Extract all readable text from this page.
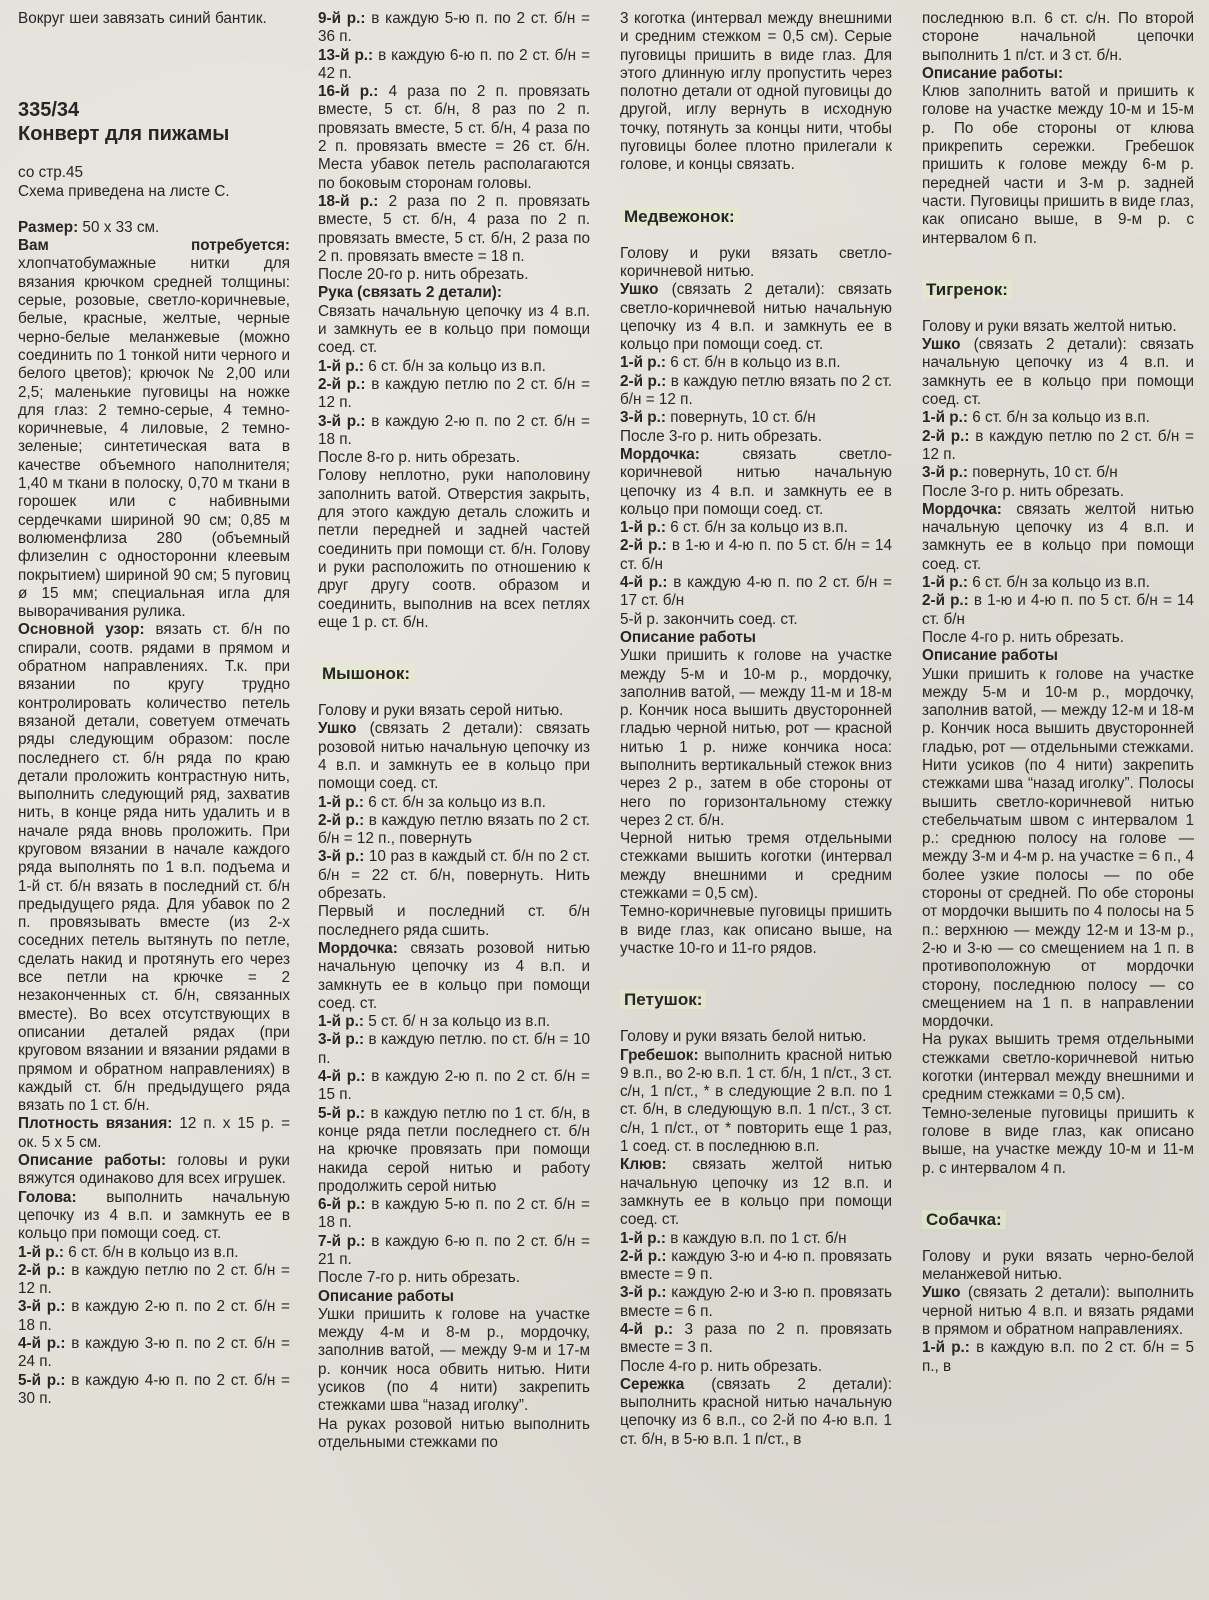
Вокруг шеи завязать синий бантик.

335/34
Конверт для пижамы

со стр.45

Схема приведена на листе С.

Размер: 50 x 33 см.

Вам потребуется: хлопчатобумажные нитки для вязания крючком средней толщины: серые, розовые, светло-коричневые, белые, красные, желтые, черные черно-белые меланжевые (можно соединить по 1 тонкой нити черного и белого цветов); крючок № 2,00 или 2,5; маленькие пуговицы на ножке для глаз: 2 темно-серые, 4 темно-коричневые, 4 лиловые, 2 темно-зеленые; синтетическая вата в качестве объемного наполнителя; 1,40 м ткани в полоску, 0,70 м ткани в горошек или с набивными сердечками шириной 90 см; 0,85 м волюменфлиза 280 (объемный флизелин с односторонни клеевым покрытием) шириной 90 см; 5 пуговиц ø 15 мм; специальная игла для выворачивания рулика.

Основной узор: вязать ст. б/н по спирали, соотв. рядами в прямом и обратном направлениях. Т.к. при вязании по кругу трудно контролировать количество петель вязаной детали, советуем отмечать ряды следующим образом: после последнего ст. б/н ряда по краю детали проложить контрастную нить, выполнить следующий ряд, захватив нить, в конце ряда нить удалить и в начале ряда вновь проложить. При круговом вязании в начале каждого ряда выполнять по 1 в.п. подъема и 1-й ст. б/н вязать в последний ст. б/н предыдущего ряда. Для убавок по 2 п. провязывать вместе (из 2-х соседних петель вытянуть по петле, сделать накид и протянуть его через все петли на крючке = 2 незаконченных ст. б/н, связанных вместе). Во всех отсутствующих в описании деталей рядах (при круговом вязании и вязании рядами в прямом и обратном направлениях) в каждый ст. б/н предыдущего ряда вязать по 1 ст. б/н.

Плотность вязания: 12 п. x 15 р. = ок. 5 x 5 см.

Описание работы: головы и руки вяжутся одинаково для всех игрушек.

Голова: выполнить начальную цепочку из 4 в.п. и замкнуть ее в кольцо при помощи соед. ст.

1-й р.: 6 ст. б/н в кольцо из в.п.

2-й р.: в каждую петлю по 2 ст. б/н = 12 п.

3-й р.: в каждую 2-ю п. по 2 ст. б/н = 18 п.

4-й р.: в каждую 3-ю п. по 2 ст. б/н = 24 п.

5-й р.: в каждую 4-ю п. по 2 ст. б/н = 30 п.

9-й р.: в каждую 5-ю п. по 2 ст. б/н = 36 п.

13-й р.: в каждую 6-ю п. по 2 ст. б/н = 42 п.

16-й р.: 4 раза по 2 п. провязать вместе, 5 ст. б/н, 8 раз по 2 п. провязать вместе, 5 ст. б/н, 4 раза по 2 п. провязать вместе = 26 ст. б/н. Места убавок петель располагаются по боковым сторонам головы.

18-й р.: 2 раза по 2 п. провязать вместе, 5 ст. б/н, 4 раза по 2 п. провязать вместе, 5 ст. б/н, 2 раза по 2 п. провязать вместе = 18 п.

После 20-го р. нить обрезать.

Рука (связать 2 детали):

Связать начальную цепочку из 4 в.п. и замкнуть ее в кольцо при помощи соед. ст.

1-й р.: 6 ст. б/н за кольцо из в.п.

2-й р.: в каждую петлю по 2 ст. б/н = 12 п.

3-й р.: в каждую 2-ю п. по 2 ст. б/н = 18 п.

После 8-го р. нить обрезать.

Голову неплотно, руки наполовину заполнить ватой. Отверстия закрыть, для этого каждую деталь сложить и петли передней и задней частей соединить при помощи ст. б/н. Голову и руки расположить по отношению к друг другу соотв. образом и соединить, выполнив на всех петлях еще 1 р. ст. б/н.

Мышонок:

Голову и руки вязать серой нитью.

Ушко (связать 2 детали): связать розовой нитью начальную цепочку из 4 в.п. и замкнуть ее в кольцо при помощи соед. ст.

1-й р.: 6 ст. б/н за кольцо из в.п.

2-й р.: в каждую петлю вязать по 2 ст. б/н = 12 п., повернуть

3-й р.: 10 раз в каждый ст. б/н по 2 ст. б/н = 22 ст. б/н, повернуть. Нить обрезать.

Первый и последний ст. б/н последнего ряда сшить.

Мордочка: связать розовой нитью начальную цепочку из 4 в.п. и замкнуть ее в кольцо при помощи соед. ст.

1-й р.: 5 ст. б/ н за кольцо из в.п.

3-й р.: в каждую петлю. по ст. б/н = 10 п.

4-й р.: в каждую 2-ю п. по 2 ст. б/н = 15 п.

5-й р.: в каждую петлю по 1 ст. б/н, в конце ряда петли последнего ст. б/н на крючке провязать при помощи накида серой нитью и работу продолжить серой нитью

6-й р.: в каждую 5-ю п. по 2 ст. б/н = 18 п.

7-й р.: в каждую 6-ю п. по 2 ст. б/н = 21 п.

После 7-го р. нить обрезать.

Описание работы

Ушки пришить к голове на участке между 4-м и 8-м р., мордочку, заполнив ватой, — между 9-м и 17-м р. кончик носа обвить нитью. Нити усиков (по 4 нити) закрепить стежками шва “назад иголку”.

На руках розовой нитью выполнить отдельными стежками по

3 коготка (интервал между внешними и средним стежком = 0,5 см). Серые пуговицы пришить в виде глаз. Для этого длинную иглу пропустить через полотно детали от одной пуговицы до другой, иглу вернуть в исходную точку, потянуть за концы нити, чтобы пуговицы более плотно прилегали к голове, и концы связать.

Медвежонок:

Голову и руки вязать светло-коричневой нитью.

Ушко (связать 2 детали): связать светло-коричневой нитью начальную цепочку из 4 в.п. и замкнуть ее в кольцо при помощи соед. ст.

1-й р.: 6 ст. б/н в кольцо из в.п.

2-й р.: в каждую петлю вязать по 2 ст. б/н = 12 п.

3-й р.: повернуть, 10 ст. б/н

После 3-го р. нить обрезать.

Мордочка: связать светло-коричневой нитью начальную цепочку из 4 в.п. и замкнуть ее в кольцо при помощи соед. ст.

1-й р.: 6 ст. б/н за кольцо из в.п.

2-й р.: в 1-ю и 4-ю п. по 5 ст. б/н = 14 ст. б/н

4-й р.: в каждую 4-ю п. по 2 ст. б/н = 17 ст. б/н

5-й р. закончить соед. ст.

Описание работы

Ушки пришить к голове на участке между 5-м и 10-м р., мордочку, заполнив ватой, — между 11-м и 18-м р. Кончик носа вышить двусторонней гладью черной нитью, рот — красной нитью 1 р. ниже кончика носа: выполнить вертикальный стежок вниз через 2 р., затем в обе стороны от него по горизонтальному стежку через 2 ст. б/н.

Черной нитью тремя отдельными стежками вышить коготки (интервал между внешними и средним стежками = 0,5 см).

Темно-коричневые пуговицы пришить в виде глаз, как описано выше, на участке 10-го и 11-го рядов.

Петушок:

Голову и руки вязать белой нитью.

Гребешок: выполнить красной нитью 9 в.п., во 2-ю в.п. 1 ст. б/н, 1 п/ст., 3 ст. с/н, 1 п/ст., * в следующие 2 в.п. по 1 ст. б/н, в следующую в.п. 1 п/ст., 3 ст. с/н, 1 п/ст., от * повторить еще 1 раз, 1 соед. ст. в последнюю в.п.

Клюв: связать желтой нитью начальную цепочку из 12 в.п. и замкнуть ее в кольцо при помощи соед. ст.

1-й р.: в каждую в.п. по 1 ст. б/н

2-й р.: каждую 3-ю и 4-ю п. провязать вместе = 9 п.

3-й р.: каждую 2-ю и 3-ю п. провязать вместе = 6 п.

4-й р.: 3 раза по 2 п. провязать вместе = 3 п.

После 4-го р. нить обрезать.

Сережка (связать 2 детали): выполнить красной нитью начальную цепочку из 6 в.п., со 2-й по 4-ю в.п. 1 ст. б/н, в 5-ю в.п. 1 п/ст., в

последнюю в.п. 6 ст. с/н. По второй стороне начальной цепочки выполнить 1 п/ст. и 3 ст. б/н.

Описание работы:

Клюв заполнить ватой и пришить к голове на участке между 10-м и 15-м р. По обе стороны от клюва прикрепить сережки. Гребешок пришить к голове между 6-м р. передней части и 3-м р. задней части. Пуговицы пришить в виде глаз, как описано выше, в 9-м р. с интервалом 6 п.

Тигренок:

Голову и руки вязать желтой нитью.

Ушко (связать 2 детали): связать начальную цепочку из 4 в.п. и замкнуть ее в кольцо при помощи соед. ст.

1-й р.: 6 ст. б/н за кольцо из в.п.

2-й р.: в каждую петлю по 2 ст. б/н = 12 п.

3-й р.: повернуть, 10 ст. б/н

После 3-го р. нить обрезать.

Мордочка: связать желтой нитью начальную цепочку из 4 в.п. и замкнуть ее в кольцо при помощи соед. ст.

1-й р.: 6 ст. б/н за кольцо из в.п.

2-й р.: в 1-ю и 4-ю п. по 5 ст. б/н = 14 ст. б/н

После 4-го р. нить обрезать.

Описание работы

Ушки пришить к голове на участке между 5-м и 10-м р., мордочку, заполнив ватой, — между 12-м и 18-м р. Кончик носа вышить двусторонней гладью, рот — отдельными стежками. Нити усиков (по 4 нити) закрепить стежками шва “назад иголку”. Полосы вышить светло-коричневой нитью стебельчатым швом с интервалом 1 р.: среднюю полосу на голове — между 3-м и 4-м р. на участке = 6 п., 4 более узкие полосы — по обе стороны от средней. По обе стороны от мордочки вышить по 4 полосы на 5 п.: верхнюю — между 12-м и 13-м р., 2-ю и 3-ю — со смещением на 1 п. в противоположную от мордочки сторону, последнюю полосу — со смещением на 1 п. в направлении мордочки.

На руках вышить тремя отдельными стежками светло-коричневой нитью коготки (интервал между внешними и средним стежками = 0,5 см).

Темно-зеленые пуговицы пришить к голове в виде глаз, как описано выше, на участке между 10-м и 11-м р. с интервалом 4 п.

Собачка:

Голову и руки вязать черно-белой меланжевой нитью.

Ушко (связать 2 детали): выполнить черной нитью 4 в.п. и вязать рядами в прямом и обратном направлениях.

1-й р.: в каждую в.п. по 2 ст. б/н = 5 п., в
